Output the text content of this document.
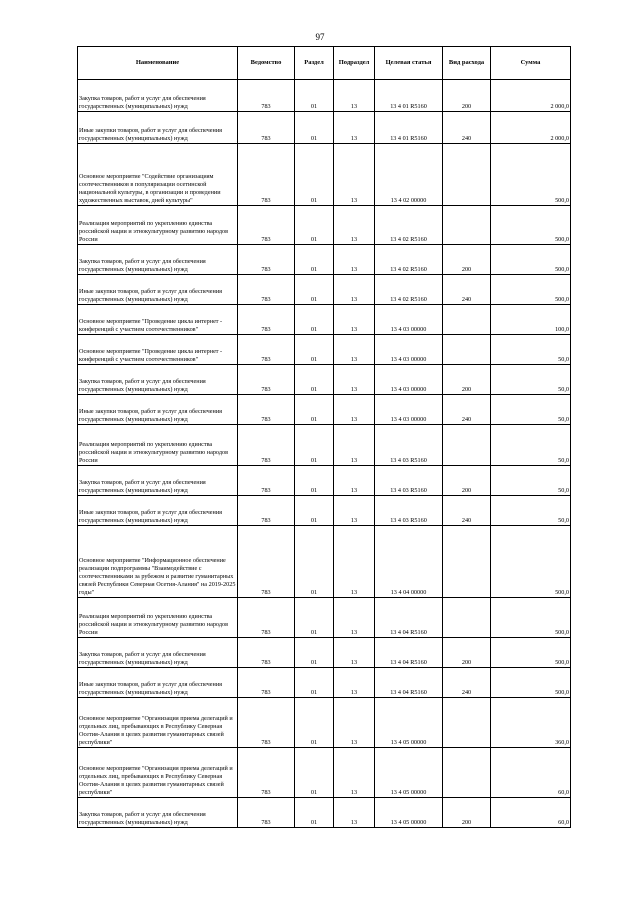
97
Наименование	Ведомство	Раздел	Подраздел	Целевая статья	Вид расхода	Сумма
Закупка товаров, работ и услуг для обеспечения государственных (муниципальных) нужд	783	01	13	13 4 01 R5160	200	2 000,0
Иные закупки товаров, работ и услуг для обеспечения государственных (муниципальных) нужд	783	01	13	13 4 01 R5160	240	2 000,0
Основное мероприятие "Содействие организациям соотечественников в популяризации осетинской национальной культуры, в организации и проведении художественных выставок, дней культуры"	783	01	13	13 4 02 00000		500,0
Реализация мероприятий по укреплению единства российской нации и этнокультурному развитию народов России	783	01	13	13 4 02 R5160		500,0
Закупка товаров, работ и услуг для обеспечения государственных (муниципальных) нужд	783	01	13	13 4 02 R5160	200	500,0
Иные закупки товаров, работ и услуг для обеспечения государственных (муниципальных) нужд	783	01	13	13 4 02 R5160	240	500,0
Основное мероприятие "Проведение цикла интернет - конференций с участием соотечественников"	783	01	13	13 4 03 00000		100,0
Основное мероприятие "Проведение цикла интернет - конференций с участием соотечественников"	783	01	13	13 4 03 00000		50,0
Закупка товаров, работ и услуг для обеспечения государственных (муниципальных) нужд	783	01	13	13 4 03 00000	200	50,0
Иные закупки товаров, работ и услуг для обеспечения государственных (муниципальных) нужд	783	01	13	13 4 03 00000	240	50,0
Реализация мероприятий по укреплению единства российской нации и этнокультурному развитию народов России	783	01	13	13 4 03 R5160		50,0
Закупка товаров, работ и услуг для обеспечения государственных (муниципальных) нужд	783	01	13	13 4 03 R5160	200	50,0
Иные закупки товаров, работ и услуг для обеспечения государственных (муниципальных) нужд	783	01	13	13 4 03 R5160	240	50,0
Основное мероприятие "Информационное обеспечение реализации подпрограммы "Взаимодействие с соотечественниками за рубежом и развитие гуманитарных связей Республики Северная Осетия-Алания" на 2019-2025 годы"	783	01	13	13 4 04 00000		500,0
Реализация мероприятий по укреплению единства российской нации и этнокультурному развитию народов России	783	01	13	13 4 04 R5160		500,0
Закупка товаров, работ и услуг для обеспечения государственных (муниципальных) нужд	783	01	13	13 4 04 R5160	200	500,0
Иные закупки товаров, работ и услуг для обеспечения государственных (муниципальных) нужд	783	01	13	13 4 04 R5160	240	500,0
Основное мероприятие "Организация приема делегаций и отдельных лиц, пребывающих в Республику Северная Осетия-Алания в целях развития гуманитарных связей республики"	783	01	13	13 4 05 00000		360,0
Основное мероприятие "Организация приема делегаций и отдельных лиц, пребывающих в Республику Северная Осетия-Алания в целях развития гуманитарных связей республики"	783	01	13	13 4 05 00000		60,0
Закупка товаров, работ и услуг для обеспечения государственных (муниципальных) нужд	783	01	13	13 4 05 00000	200	60,0
